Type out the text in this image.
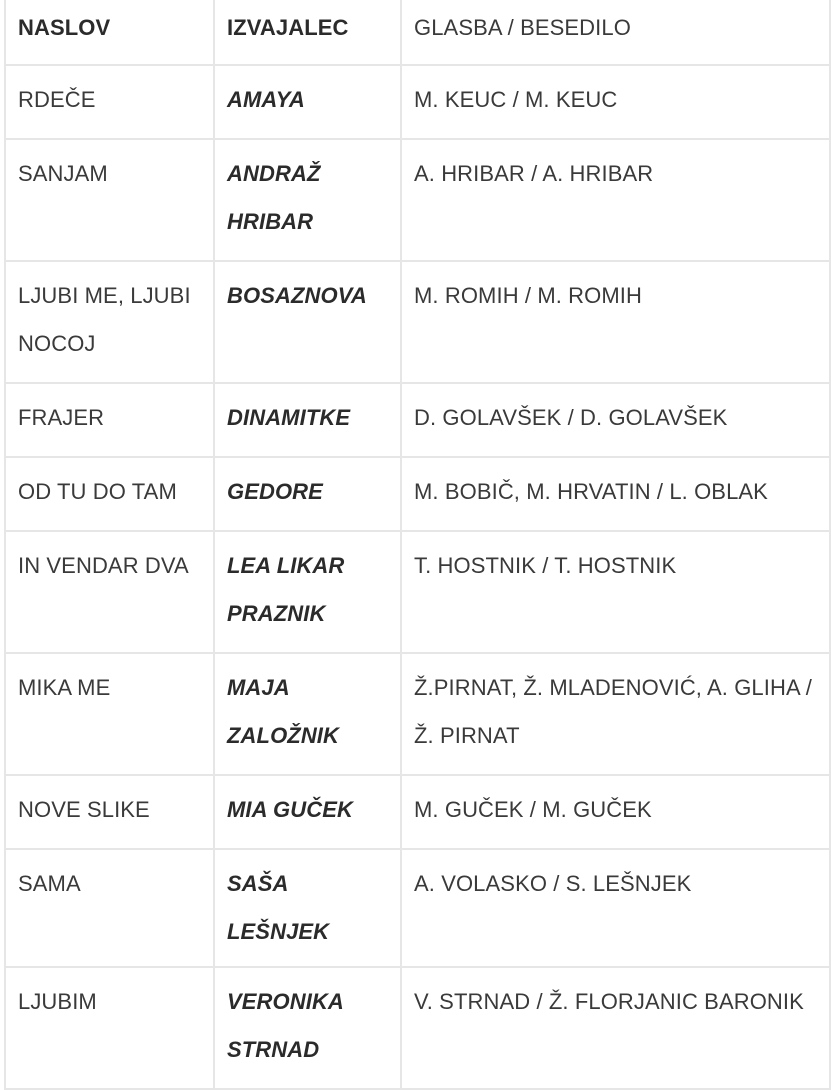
NASLOV	IZVAJALEC	GLASBA / BESEDILO
RDEČE	AMAYA	M. KEUC / M. KEUC
SANJAM	ANDRAŽ HRIBAR	A. HRIBAR / A. HRIBAR
LJUBI ME, LJUBI NOCOJ	BOSAZNOVA	M. ROMIH / M. ROMIH
FRAJER	DINAMITKE	D. GOLAVŠEK / D. GOLAVŠEK
OD TU DO TAM	GEDORE	M. BOBIČ, M. HRVATIN / L. OBLAK
IN VENDAR DVA	LEA LIKAR PRAZNIK	T. HOSTNIK / T. HOSTNIK
MIKA ME	MAJA ZALOŽNIK	Ž.PIRNAT, Ž. MLADENOVIĆ, A. GLIHA / Ž. PIRNAT
NOVE SLIKE	MIA GUČEK	M. GUČEK / M. GUČEK
SAMA	SAŠA LEŠNJEK	A. VOLASKO / S. LEŠNJEK
LJUBIM	VERONIKA STRNAD	V. STRNAD / Ž. FLORJANIC BARONIK
